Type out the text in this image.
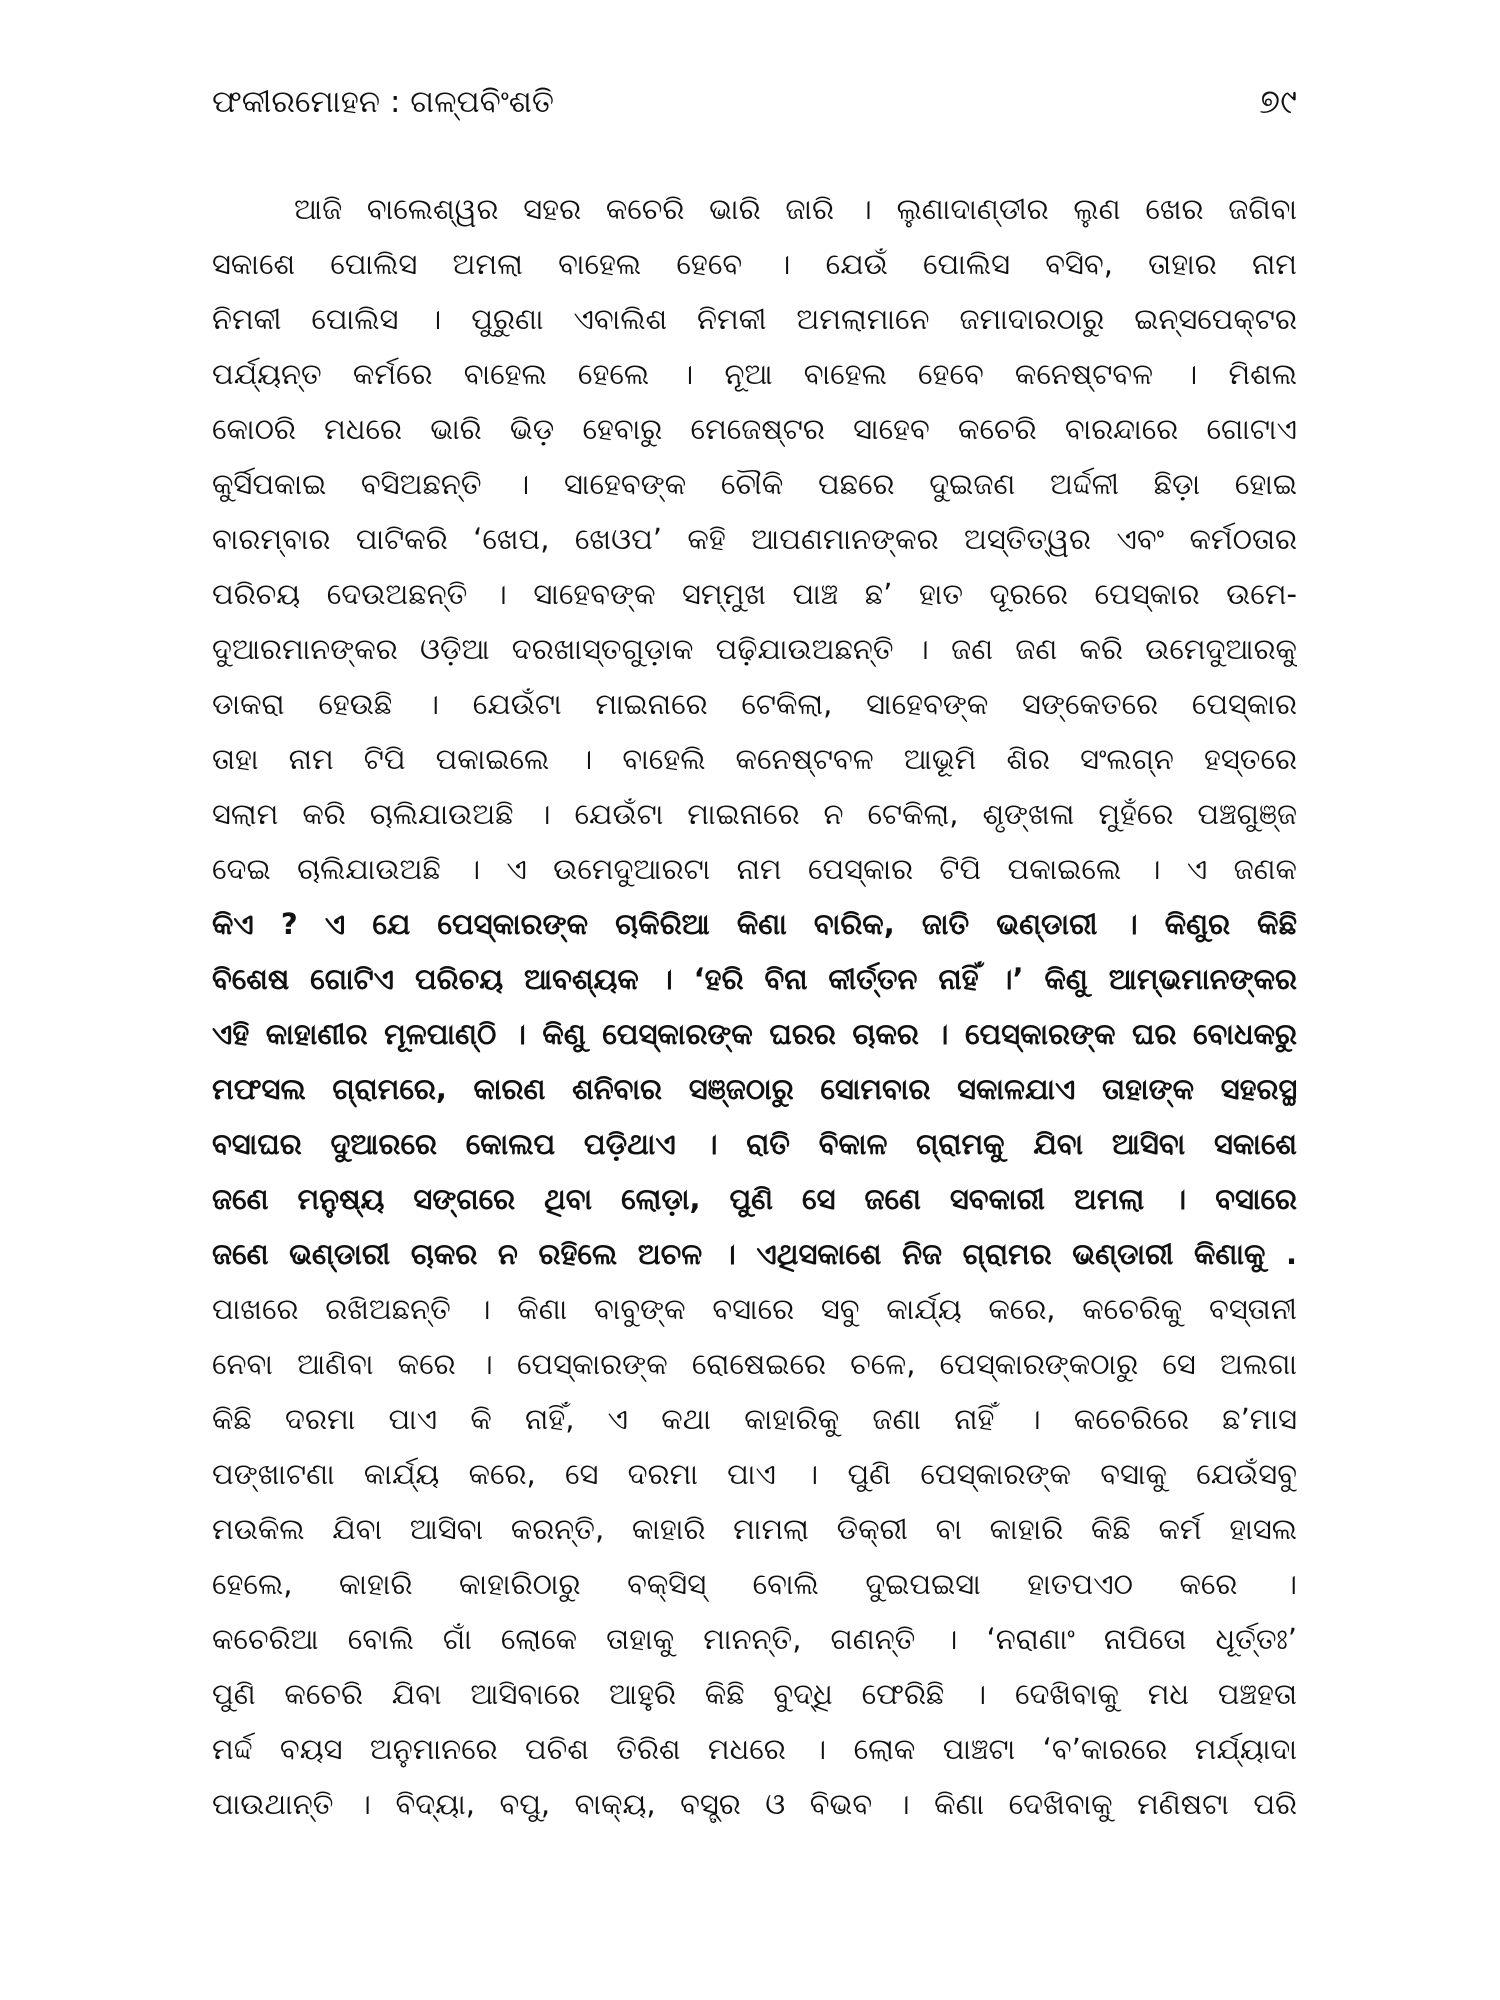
ଫକୀରମୋହନ : ଗଳ୍ପବିଂଶତି	୭୯
ଆଜି ବାଲେଶ୍ୱର ସହର କଚେରି ଭାରି ଜାରି । ଲୁଣାଦାଣ୍ଡୀର ଲୁଣ ଖେର ଜଗିବା
ସକାଶେ ପୋଲିସ ଅମଲା ବାହେଲ ହେବେ । ଯେଉଁ ପୋଲିସ ବସିବ, ତାହାର ନାମ
ନିମକୀ ପୋଲିସ । ପୁରୁଣା ଏବାଲିଶ ନିମକୀ ଅମଲାମାନେ ଜମାଦାରଠାରୁ ଇନ୍‌ସପେକ୍ଟର
ପର୍ଯ୍ୟନ୍ତ କର୍ମରେ ବାହେଲ ହେଲେ । ନୂଆ ବାହେଲ ହେବେ କନେଷ୍ଟବଳ । ମିଶଲ
କୋଠରି ମଧରେ ଭାରି ଭିଡ଼ ହେବାରୁ ମେଜେଷ୍ଟର ସାହେବ କଚେରି ବାରନ୍ଦାରେ ଗୋଟାଏ
କୁର୍ସିପକାଇ ବସିଅଛନ୍ତି । ସାହେବଙ୍କ ଚୌକି ପଛରେ ଦୁଇଜଣ ଅର୍ଦ୍ଦଳୀ ଛିଡ଼ା ହୋଇ
ବାରମ୍ବାର ପାଟିକରି ‘ଖେପ, ଖେଓପ’ କହି ଆପଣମାନଙ୍କର ଅସ୍ତିତ୍ୱର ଏବଂ କର୍ମଠତାର
ପରିଚୟ ଦେଉଅଛନ୍ତି । ସାହେବଙ୍କ ସମ୍ମୁଖ ପାଞ୍ଚ ଛ’ ହାତ ଦୂରରେ ପେସ୍କାର ଉମେ-
ଦୁଆରମାନଙ୍କର ଓଡ଼ିଆ ଦରଖାସ୍ତଗୁଡ଼ାକ ପଢ଼ିଯାଉଅଛନ୍ତି । ଜଣ ଜଣ କରି ଉମେଦୁଆରକୁ
ଡାକରା ହେଉଛି । ଯେଉଁଟା ମାଇନାରେ ଟେକିଲା, ସାହେବଙ୍କ ସଙ୍କେତରେ ପେସ୍କାର
ତାହା ନାମ ଟିପି ପକାଇଲେ । ବାହେଲି କନେଷ୍ଟବଳ ଆଭୂମି ଶିର ସଂଲଗ୍ନ ହସ୍ତରେ
ସଲାମ କରି ଚାଲିଯାଉଅଛି । ଯେଉଁଟା ମାଇନାରେ ନ ଟେକିଲା, ଶୃଙ୍ଖଳା ମୁହଁରେ ପଞ୍ଚଗୁଞ୍ଜ
ଦେଇ ଚାଲିଯାଉଅଛି । ଏ ଉମେଦୁଆରଟା ନାମ ପେସ୍କାର ଟିପି ପକାଇଲେ । ଏ ଜଣକ
କିଏ ? ଏ ଯେ ପେସ୍କାରଙ୍କ ଚାକିରିଆ କିଣା ବାରିକ, ଜାତି ଭଣ୍ଡାରୀ । କିଣୁର କିଛି
ବିଶେଷ ଗୋଟିଏ ପରିଚୟ ଆବଶ୍ୟକ । ‘ହରି ବିନା କୀର୍ତ୍ତନ ନାହିଁ ।’ କିଣୁ ଆମ୍ଭମାନଙ୍କର
ଏହି କାହାଣୀର ମୂଳପାଣ୍ଠି । କିଣୁ ପେସ୍କାରଙ୍କ ଘରର ଚାକର । ପେସ୍କାରଙ୍କ ଘର ବୋଧକରୁ
ମଫସଲ ଗ୍ରାମରେ, କାରଣ ଶନିବାର ସଞ୍ଜଠାରୁ ସୋମବାର ସକାଳଯାଏ ତାହାଙ୍କ ସହରସ୍ଥ
ବସାଘର ଦୁଆରରେ କୋଲପ ପଡ଼ିଥାଏ । ରାତି ବିକାଳ ଗ୍ରାମକୁ ଯିବା ଆସିବା ସକାଶେ
ଜଣେ ମନୁଷ୍ୟ ସଙ୍ଗରେ ଥିବା ଲୋଡ଼ା, ପୁଣି ସେ ଜଣେ ସବକାରୀ ଅମଲା । ବସାରେ
ଜଣେ ଭଣ୍ଡାରୀ ଚାକର ନ ରହିଲେ ଅଚଳ । ଏଥିସକାଶେ ନିଜ ଗ୍ରାମର ଭଣ୍ଡାରୀ କିଣାକୁ .
ପାଖରେ ରଖିଅଛନ୍ତି । କିଣା ବାବୁଙ୍କ ବସାରେ ସବୁ କାର୍ଯ୍ୟ କରେ, କଚେରିକୁ ବସ୍ତାନୀ
ନେବା ଆଣିବା କରେ । ପେସ୍କାରଙ୍କ ରୋଷେଇରେ ଚଳେ, ପେସ୍କାରଙ୍କଠାରୁ ସେ ଅଲଗା
କିଛି ଦରମା ପାଏ କି ନାହିଁ, ଏ କଥା କାହାରିକୁ ଜଣା ନାହିଁ । କଚେରିରେ ଛ’ମାସ
ପଙ୍ଖାଟଣା କାର୍ଯ୍ୟ କରେ, ସେ ଦରମା ପାଏ । ପୁଣି ପେସ୍କାରଙ୍କ ବସାକୁ ଯେଉଁସବୁ
ମଉକିଲ ଯିବା ଆସିବା କରନ୍ତି, କାହାରି ମାମଲା ଡିକ୍ରୀ ବା କାହାରି କିଛି କର୍ମ ହାସଲ
ହେଲେ, କାହାରି କାହାରିଠାରୁ ବକ୍‌ସିସ୍ ବୋଲି ଦୁଇପଇସା ହାତପଏଠ କରେ ।
କଚେରିଆ ବୋଲି ଗାଁ ଲୋକେ ତାହାକୁ ମାନନ୍ତି, ଗଣନ୍ତି । ‘ନରାଣାଂ ନାପିତୋ ଧୂର୍ତ୍ତଃ’
ପୁଣି କଚେରି ଯିବା ଆସିବାରେ ଆହୁରି କିଛି ବୁଦ୍ଧି ଫେରିଛି । ଦେଖିବାକୁ ମଧ ପଞ୍ଚହତା
ମର୍ଦ୍ଦ ବୟସ ଅନୁମାନରେ ପଚିଶ ତିରିଶ ମଧରେ । ଲୋକ ପାଞ୍ଚଟା ‘ବ’କାରରେ ମର୍ଯ୍ୟାଦା
ପାଉଥାନ୍ତି । ବିଦ୍ୟା, ବପୁ, ବାକ୍ୟ, ବସ୍ତ୍ର ଓ ବିଭବ । କିଣା ଦେଖିବାକୁ ମଣିଷଟା ପରି
